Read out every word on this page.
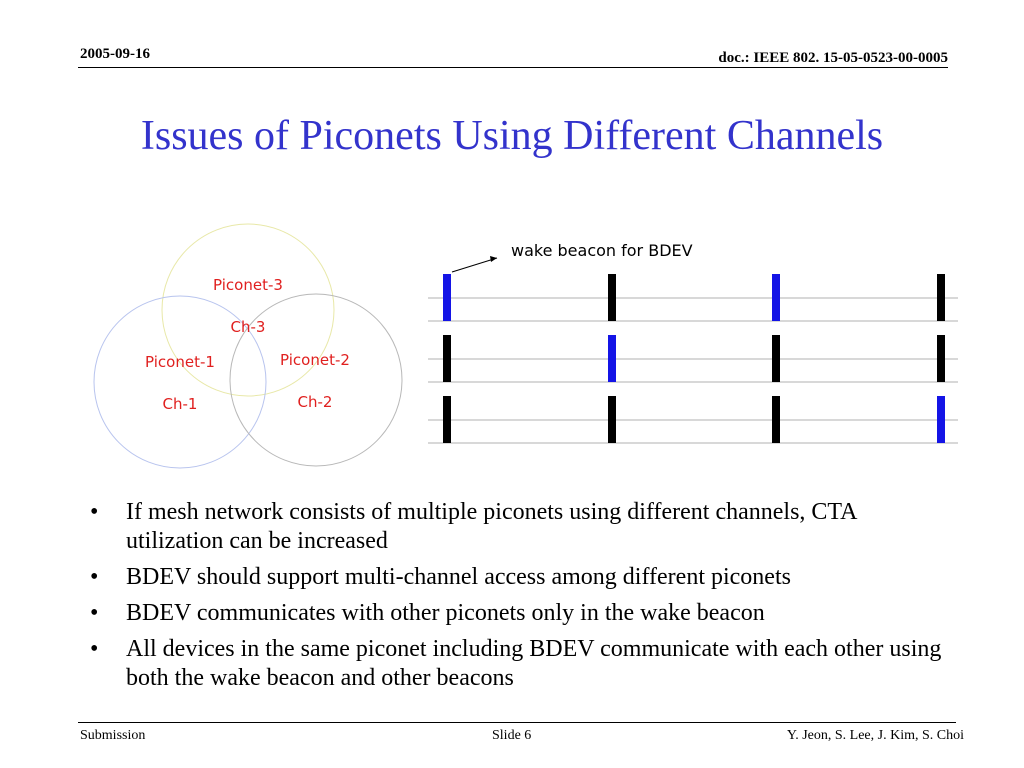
2005-09-16	doc.: IEEE 802. 15-05-0523-00-0005
Issues of Piconets Using Different Channels
Piconet-3
Ch-3
Piconet-1
Ch-1
Piconet-2
Ch-2
wake beacon for BDEV
• If mesh network consists of multiple piconets using different channels, CTA utilization can be increased
• BDEV should support multi-channel access among different piconets
• BDEV communicates with other piconets only in the wake beacon
• All devices in the same piconet including BDEV communicate with each other using both the wake beacon and other beacons
Submission	Slide 6	Y. Jeon, S. Lee, J. Kim, S. Choi
